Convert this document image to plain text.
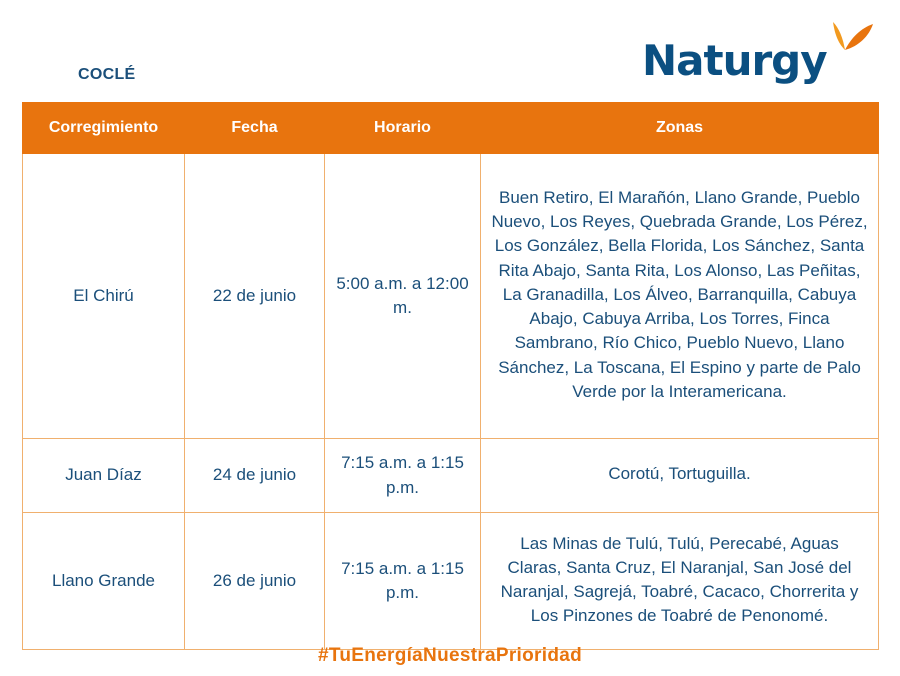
COCLÉ	Naturgy
Corregimiento	Fecha	Horario	Zonas
El Chirú	22 de junio	5:00 a.m. a 12:00 m.	Buen Retiro, El Marañón, Llano Grande, Pueblo Nuevo, Los Reyes, Quebrada Grande, Los Pérez, Los González, Bella Florida, Los Sánchez, Santa Rita Abajo, Santa Rita, Los Alonso, Las Peñitas, La Granadilla, Los Álveo, Barranquilla, Cabuya Abajo, Cabuya Arriba, Los Torres, Finca Sambrano, Río Chico, Pueblo Nuevo, Llano Sánchez, La Toscana, El Espino y parte de Palo Verde por la Interamericana.
Juan Díaz	24 de junio	7:15 a.m. a 1:15 p.m.	Corotú, Tortuguilla.
Llano Grande	26 de junio	7:15 a.m. a 1:15 p.m.	Las Minas de Tulú, Tulú, Perecabé, Aguas Claras, Santa Cruz, El Naranjal, San José del Naranjal, Sagrejá, Toabré, Cacaco, Chorrerita y Los Pinzones de Toabré de Penonomé.
#TuEnergíaNuestraPrioridad
